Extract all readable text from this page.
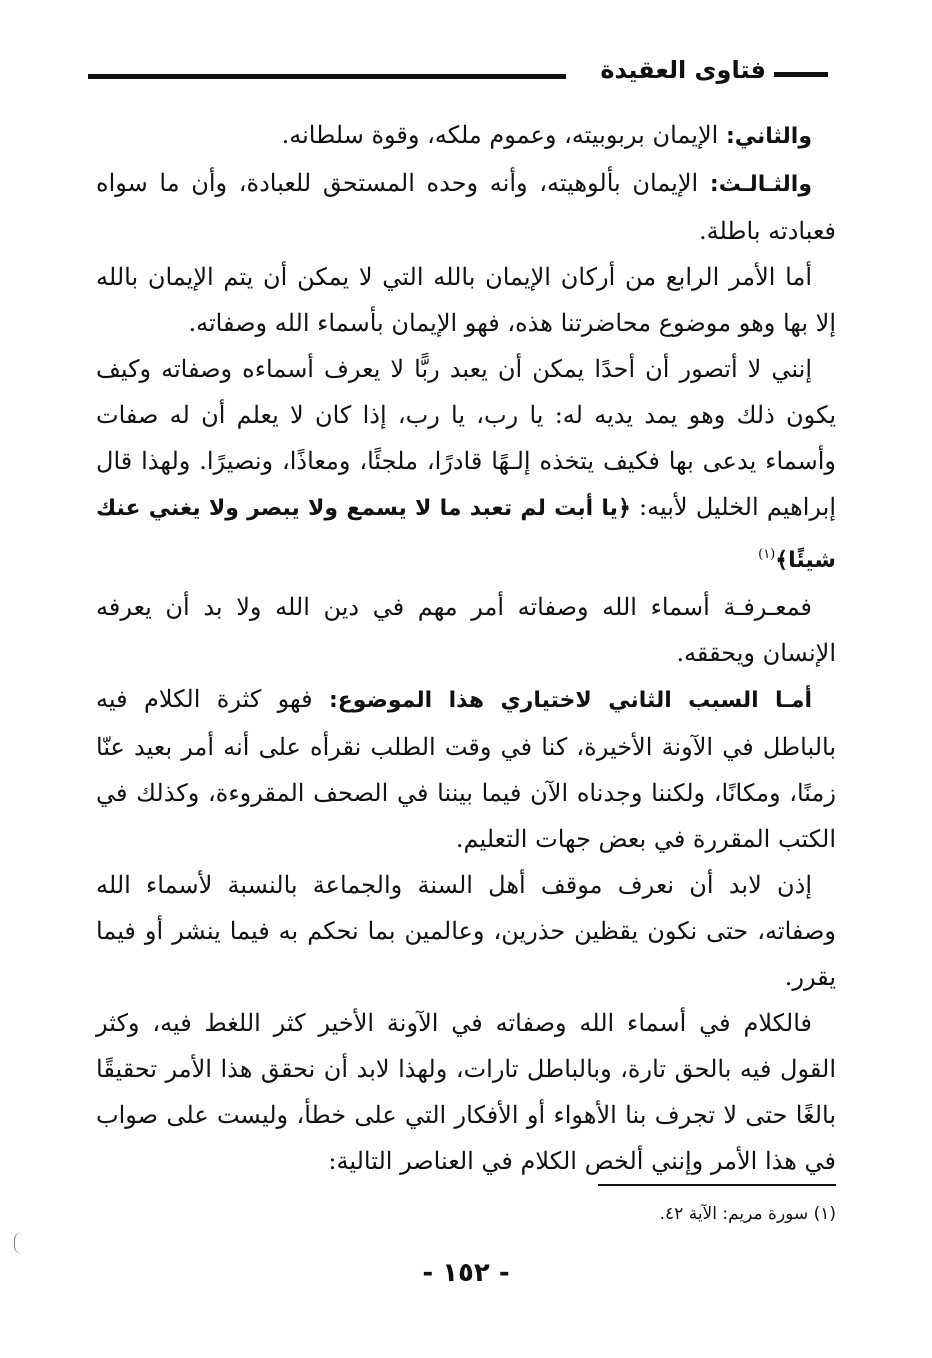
فتاوى العقيدة

والثاني: الإيمان بربوبيته، وعموم ملكه، وقوة سلطانه.

والثـالـث: الإيمان بألوهيته، وأنه وحده المستحق للعبادة، وأن ما سواه فعبادته باطلة.

أما الأمر الرابع من أركان الإيمان بالله التي لا يمكن أن يتم الإيمان بالله إلا بها وهو موضوع محاضرتنا هذه، فهو الإيمان بأسماء الله وصفاته.

إنني لا أتصور أن أحدًا يمكن أن يعبد ربًّا لا يعرف أسماءه وصفاته وكيف يكون ذلك وهو يمد يديه له: يا رب، يا رب، إذا كان لا يعلم أن له صفات وأسماء يدعى بها فكيف يتخذه إلـهًا قادرًا، ملجئًا، ومعاذًا، ونصيرًا. ولهذا قال إبراهيم الخليل لأبيه: ﴿يا أبت لم تعبد ما لا يسمع ولا يبصر ولا يغني عنك شيئًا﴾$^{(١)}$

فمعـرفـة أسماء الله وصفاته أمر مهم في دين الله ولا بد أن يعرفه الإنسان ويحققه.

أمـا السبب الثاني لاختياري هذا الموضوع: فهو كثرة الكلام فيه بالباطل في الآونة الأخيرة، كنا في وقت الطلب نقرأه على أنه أمر بعيد عنّا زمنًا، ومكانًا، ولكننا وجدناه الآن فيما بيننا في الصحف المقروءة، وكذلك في الكتب المقررة في بعض جهات التعليم.

إذن لابد أن نعرف موقف أهل السنة والجماعة بالنسبة لأسماء الله وصفاته، حتى نكون يقظين حذرين، وعالمين بما نحكم به فيما ينشر أو فيما يقرر.

فالكلام في أسماء الله وصفاته في الآونة الأخير كثر اللغط فيه، وكثر القول فيه بالحق تارة، وبالباطل تارات، ولهذا لابد أن نحقق هذا الأمر تحقيقًا بالغًا حتى لا تجرف بنا الأهواء أو الأفكار التي على خطأ، وليست على صواب في هذا الأمر وإنني ألخص الكلام في العناصر التالية:

(١) سورة مريم: الآية ٤٢.
- ١٥٢ -
